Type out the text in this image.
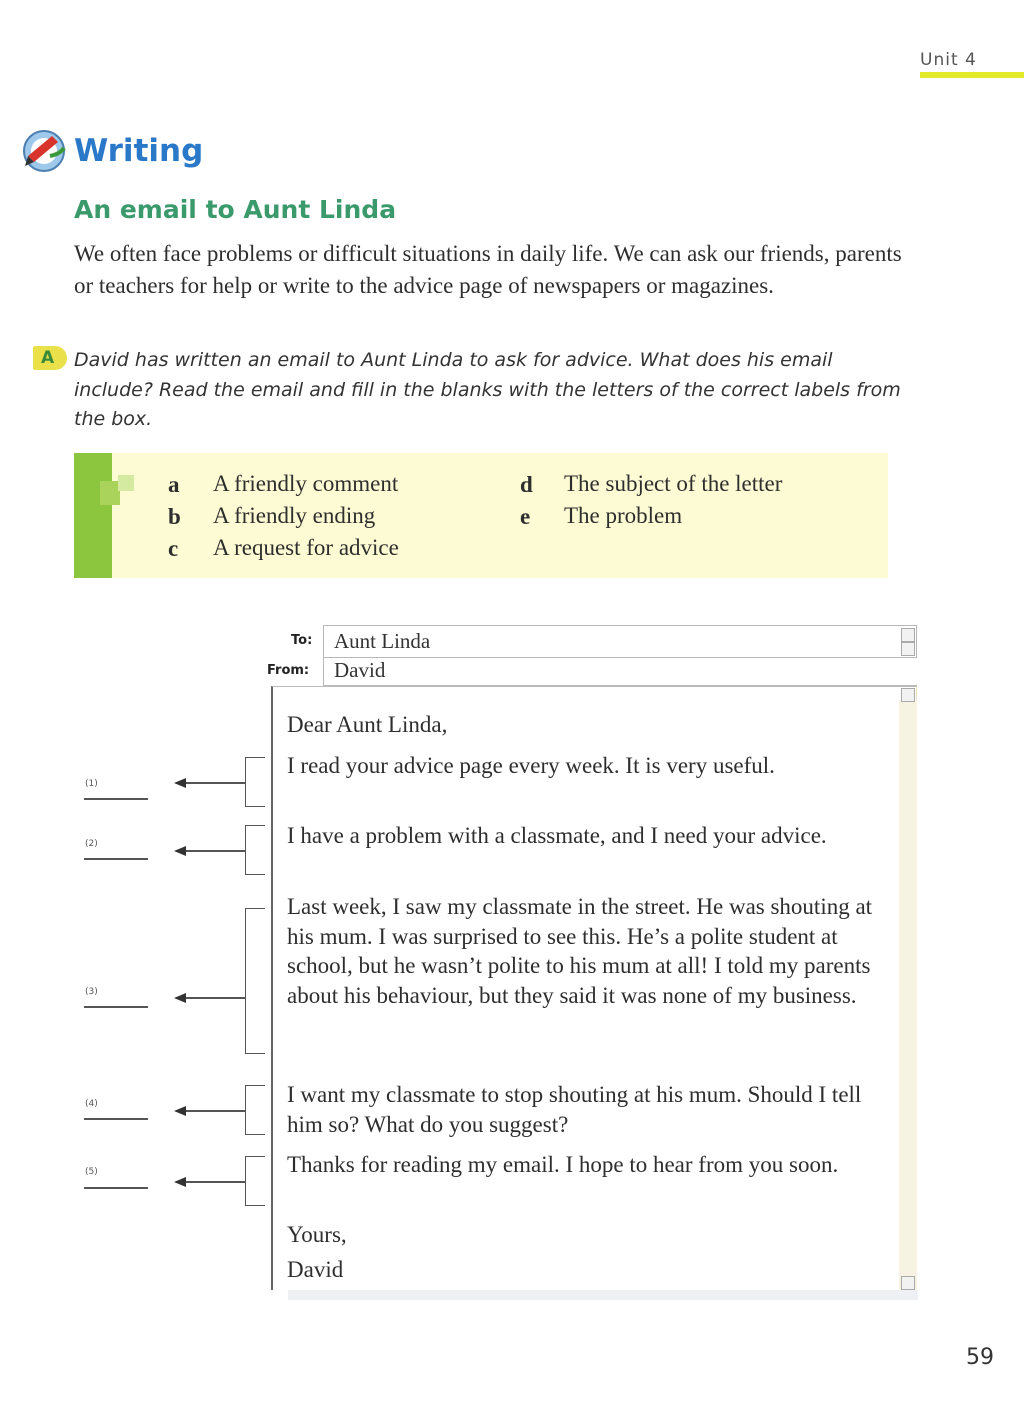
Unit 4
Writing
An email to Aunt Linda
We often face problems or difficult situations in daily life. We can ask our friends, parents or teachers for help or write to the advice page of newspapers or magazines.
A	David has written an email to Aunt Linda to ask for advice. What does his email include? Read the email and fill in the blanks with the letters of the correct labels from the box.
a A friendly comment
b A friendly ending
c A request for advice
d The subject of the letter
e The problem
To:	Aunt Linda
From:	David
Dear Aunt Linda,
I read your advice page every week. It is very useful.
I have a problem with a classmate, and I need your advice.
Last week, I saw my classmate in the street. He was shouting at his mum. I was surprised to see this. He’s a polite student at school, but he wasn’t polite to his mum at all! I told my parents about his behaviour, but they said it was none of my business.
I want my classmate to stop shouting at his mum. Should I tell him so? What do you suggest?
Thanks for reading my email. I hope to hear from you soon.
Yours,
David
(1)
(2)
(3)
(4)
(5)
59
